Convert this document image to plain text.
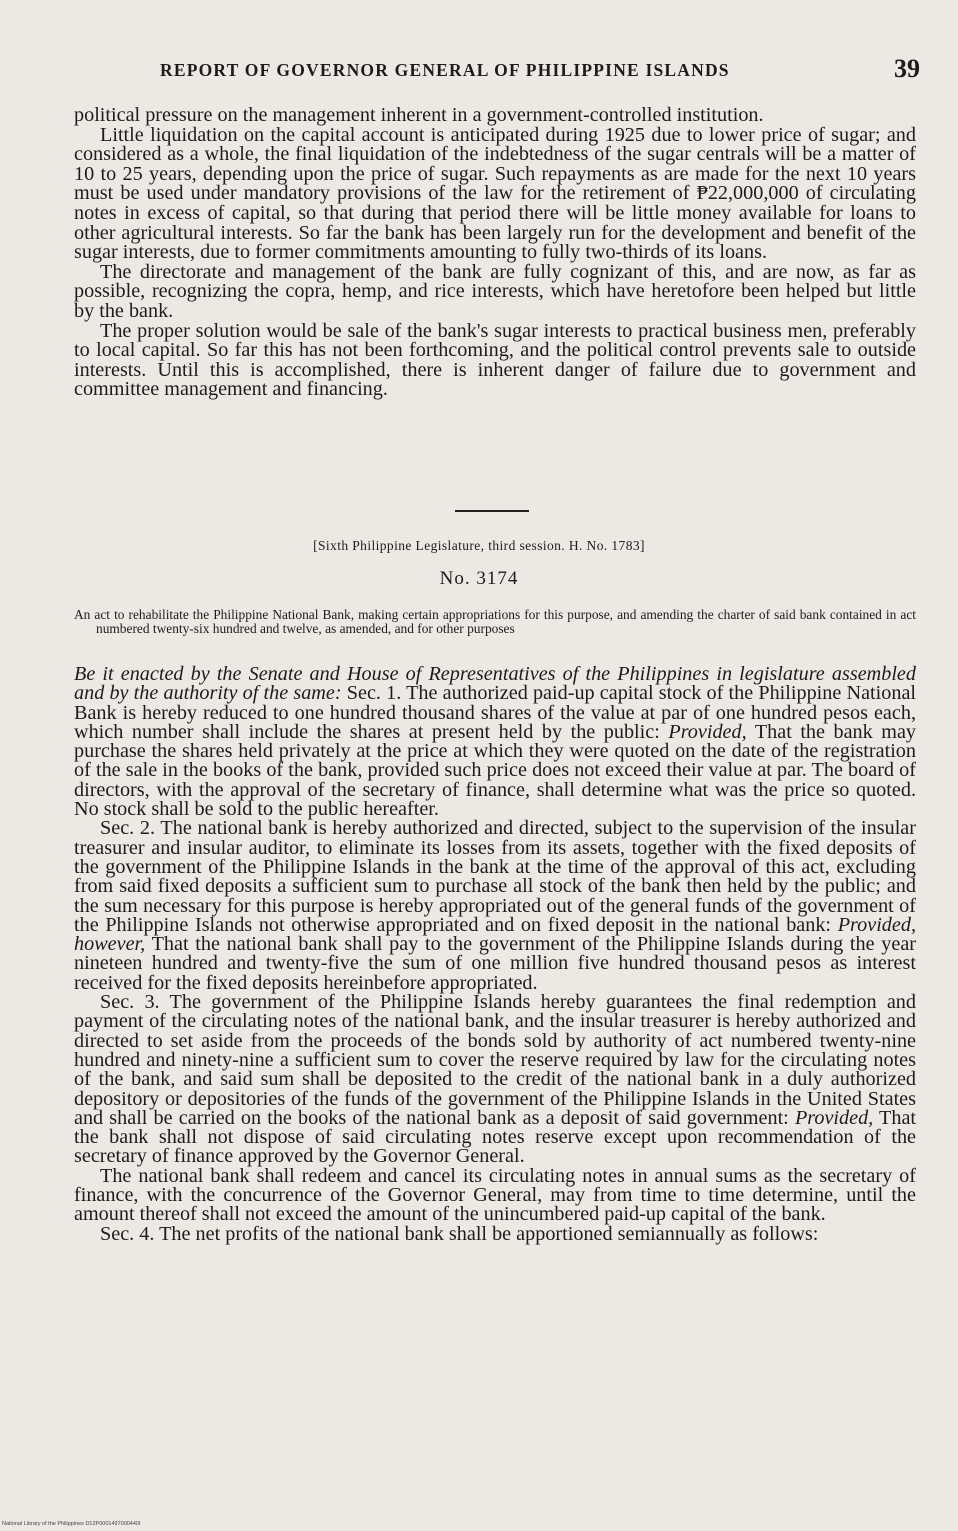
REPORT OF GOVERNOR GENERAL OF PHILIPPINE ISLANDS	39

political pressure on the management inherent in a government-controlled institution.

Little liquidation on the capital account is anticipated during 1925 due to lower price of sugar; and considered as a whole, the final liquidation of the indebtedness of the sugar centrals will be a matter of 10 to 25 years, depending upon the price of sugar. Such repayments as are made for the next 10 years must be used under mandatory provisions of the law for the retirement of ₱22,000,000 of circulating notes in excess of capital, so that during that period there will be little money available for loans to other agricultural interests. So far the bank has been largely run for the development and benefit of the sugar interests, due to former commitments amounting to fully two-thirds of its loans.

The directorate and management of the bank are fully cognizant of this, and are now, as far as possible, recognizing the copra, hemp, and rice interests, which have heretofore been helped but little by the bank.

The proper solution would be sale of the bank's sugar interests to practical business men, preferably to local capital. So far this has not been forthcoming, and the political control prevents sale to outside interests. Until this is accomplished, there is inherent danger of failure due to government and committee management and financing.

[Sixth Philippine Legislature, third session. H. No. 1783]
No. 3174
An act to rehabilitate the Philippine National Bank, making certain appropriations for this purpose, and amending the charter of said bank contained in act numbered twenty-six hundred and twelve, as amended, and for other purposes

Be it enacted by the Senate and House of Representatives of the Philippines in legislature assembled and by the authority of the same: Sec. 1. The authorized paid-up capital stock of the Philippine National Bank is hereby reduced to one hundred thousand shares of the value at par of one hundred pesos each, which number shall include the shares at present held by the public: Provided, That the bank may purchase the shares held privately at the price at which they were quoted on the date of the registration of the sale in the books of the bank, provided such price does not exceed their value at par. The board of directors, with the approval of the secretary of finance, shall determine what was the price so quoted. No stock shall be sold to the public hereafter.

Sec. 2. The national bank is hereby authorized and directed, subject to the supervision of the insular treasurer and insular auditor, to eliminate its losses from its assets, together with the fixed deposits of the government of the Philippine Islands in the bank at the time of the approval of this act, excluding from said fixed deposits a sufficient sum to purchase all stock of the bank then held by the public; and the sum necessary for this purpose is hereby appropriated out of the general funds of the government of the Philippine Islands not otherwise appropriated and on fixed deposit in the national bank: Provided, however, That the national bank shall pay to the government of the Philippine Islands during the year nineteen hundred and twenty-five the sum of one million five hundred thousand pesos as interest received for the fixed deposits hereinbefore appropriated.

Sec. 3. The government of the Philippine Islands hereby guarantees the final redemption and payment of the circulating notes of the national bank, and the insular treasurer is hereby authorized and directed to set aside from the proceeds of the bonds sold by authority of act numbered twenty-nine hundred and ninety-nine a sufficient sum to cover the reserve required by law for the circulating notes of the bank, and said sum shall be deposited to the credit of the national bank in a duly authorized depository or depositories of the funds of the government of the Philippine Islands in the United States and shall be carried on the books of the national bank as a deposit of said government: Provided, That the bank shall not dispose of said circulating notes reserve except upon recommendation of the secretary of finance approved by the Governor General.

The national bank shall redeem and cancel its circulating notes in annual sums as the secretary of finance, with the concurrence of the Governor General, may from time to time determine, until the amount thereof shall not exceed the amount of the unincumbered paid-up capital of the bank.

Sec. 4. The net profits of the national bank shall be apportioned semiannually as follows:

National Library of the Philippines D12P0001497000440I
